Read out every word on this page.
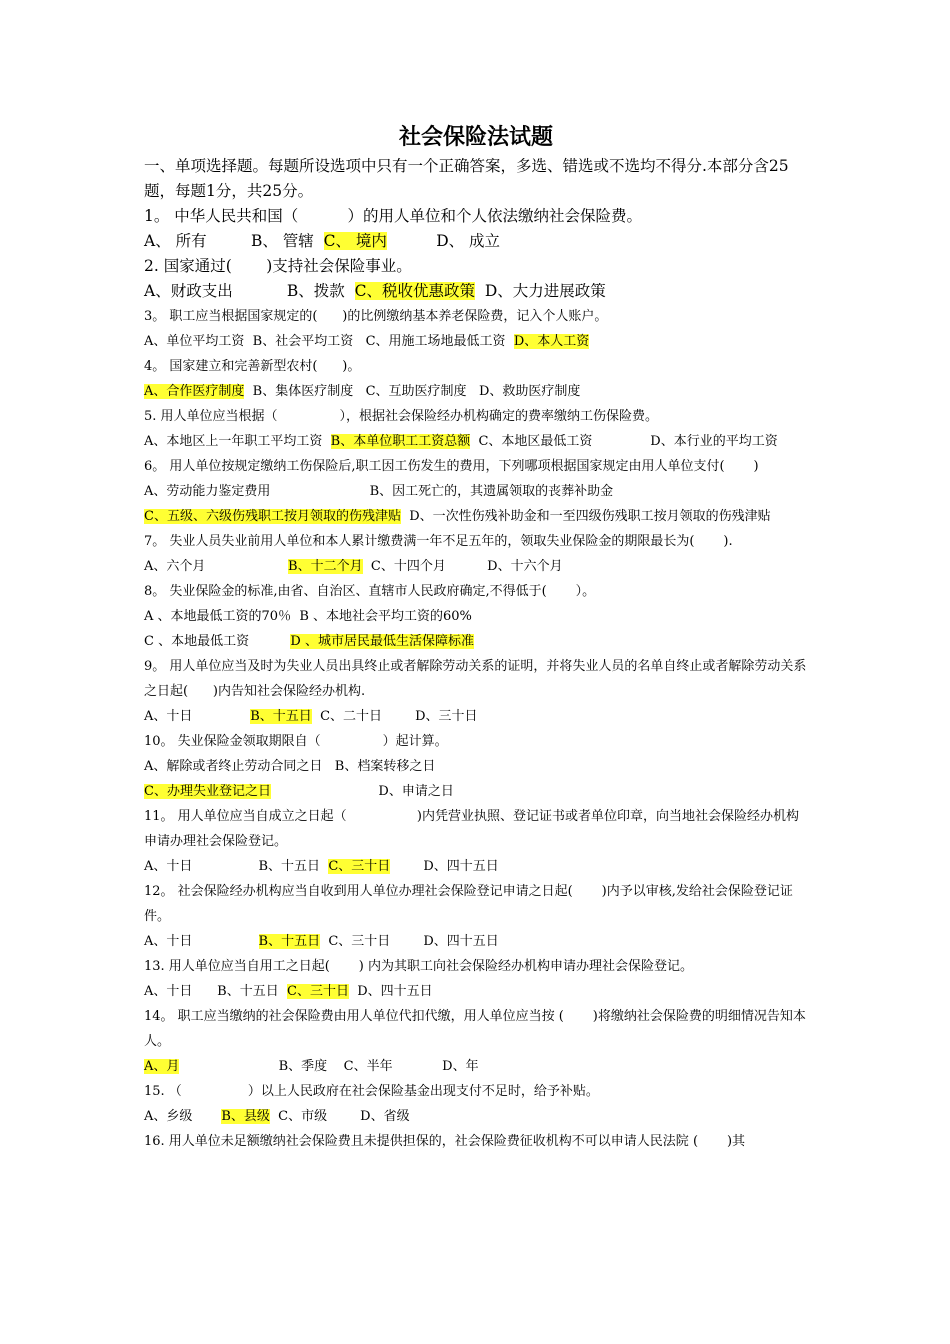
社会保险法试题

一、单项选择题。每题所设选项中只有一个正确答案，多选、错选或不选均不得分.本部分含25题，每题1分，共25分。

1。 中华人民共和国（          ）的用人单位和个人依法缴纳社会保险费。

A、 所有         B、 管辖  C、 境内          D、 成立

2. 国家通过(       )支持社会保险事业。

A、财政支出           B、拨款  C、税收优惠政策  D、大力进展政策

3。 职工应当根据国家规定的(      )的比例缴纳基本养老保险费，记入个人账户。

A、单位平均工资  B、社会平均工资   C、用施工场地最低工资  D、本人工资

4。 国家建立和完善新型农村(      )。

A、合作医疗制度  B、集体医疗制度   C、互助医疗制度   D、救助医疗制度

5. 用人单位应当根据（               ），根据社会保险经办机构确定的费率缴纳工伤保险费。

A、本地区上一年职工平均工资  B、本单位职工工资总额  C、本地区最低工资              D、本行业的平均工资

6。 用人单位按规定缴纳工伤保险后,职工因工伤发生的费用，下列哪项根据国家规定由用人单位支付(       )

A、劳动能力鉴定费用                        B、因工死亡的，其遗属领取的丧葬补助金

C、五级、六级伤残职工按月领取的伤残津贴  D、一次性伤残补助金和一至四级伤残职工按月领取的伤残津贴

7。 失业人员失业前用人单位和本人累计缴费满一年不足五年的，领取失业保险金的期限最长为(       ).

A、六个月                    B、十二个月  C、十四个月          D、十六个月

8。 失业保险金的标准,由省、自治区、直辖市人民政府确定,不得低于(       ）。

A 、本地最低工资的70％  B 、本地社会平均工资的60%

C 、本地最低工资          D 、城市居民最低生活保障标准

9。 用人单位应当及时为失业人员出具终止或者解除劳动关系的证明，并将失业人员的名单自终止或者解除劳动关系之日起(      )内告知社会保险经办机构.

A、十日              B、十五日  C、二十日        D、三十日

10。 失业保险金领取期限自（               ）起计算。

A、解除或者终止劳动合同之日   B、档案转移之日

C、办理失业登记之日                          D、申请之日

11。 用人单位应当自成立之日起（                 )内凭营业执照、登记证书或者单位印章，向当地社会保险经办机构申请办理社会保险登记。

A、十日                B、十五日  C、三十日        D、四十五日

12。 社会保险经办机构应当自收到用人单位办理社会保险登记申请之日起(       )内予以审核,发给社会保险登记证件。

A、十日                B、十五日  C、三十日        D、四十五日

13. 用人单位应当自用工之日起(       ) 内为其职工向社会保险经办机构申请办理社会保险登记。

A、十日      B、十五日  C、三十日  D、四十五日

14。 职工应当缴纳的社会保险费由用人单位代扣代缴，用人单位应当按 (       )将缴纳社会保险费的明细情况告知本人。

A、月                        B、季度    C、半年            D、年

15. （                ）以上人民政府在社会保险基金出现支付不足时，给予补贴。

A、乡级       B、县级  C、市级        D、省级

16. 用人单位未足额缴纳社会保险费且未提供担保的，社会保险费征收机构不可以申请人民法院 (       )其
